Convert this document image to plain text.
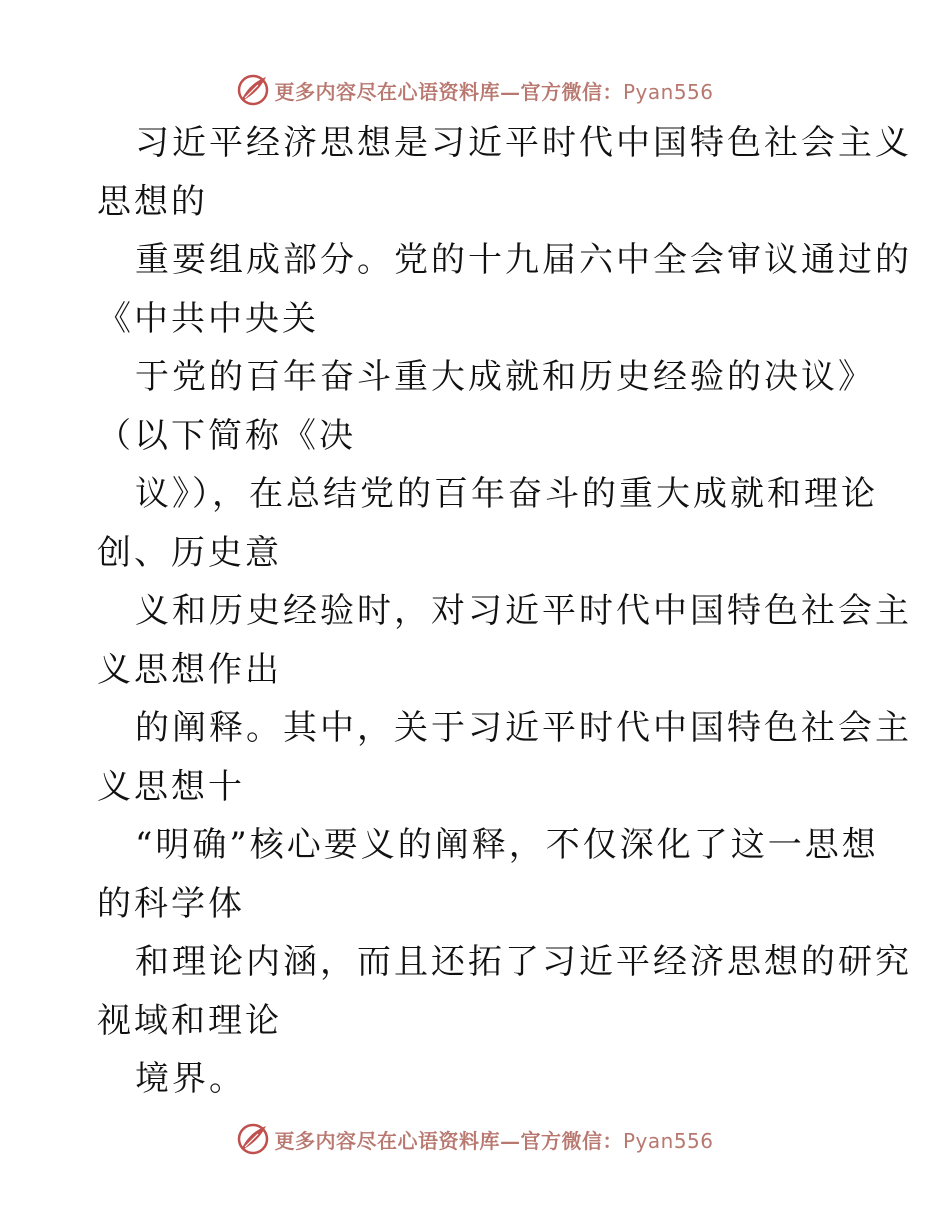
更多内容尽在心语资料库—官方微信：Pyan556
习近平经济思想是习近平时代中国特色社会主义
思想的
重要组成部分。党的十九届六中全会审议通过的
《中共中央关
于党的百年奋斗重大成就和历史经验的决议》
（以下简称《决
议》），在总结党的百年奋斗的重大成就和理论
创、历史意
义和历史经验时，对习近平时代中国特色社会主
义思想作出
的阐释。其中，关于习近平时代中国特色社会主
义思想十
“明确”核心要义的阐释，不仅深化了这一思想
的科学体
和理论内涵，而且还拓了习近平经济思想的研究
视域和理论
境界。
更多内容尽在心语资料库—官方微信：Pyan556
